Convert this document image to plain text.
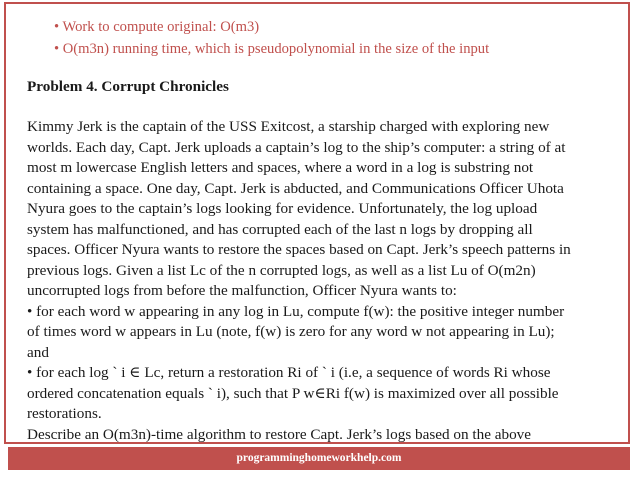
• Work to compute original: O(m3)
• O(m3n) running time, which is pseudopolynomial in the size of the input
Problem 4. Corrupt Chronicles
Kimmy Jerk is the captain of the USS Exitcost, a starship charged with exploring new
worlds. Each day, Capt. Jerk uploads a captain’s log to the ship’s computer: a string of at
most m lowercase English letters and spaces, where a word in a log is substring not
containing a space. One day, Capt. Jerk is abducted, and Communications Officer Uhota
Nyura goes to the captain’s logs looking for evidence. Unfortunately, the log upload
system has malfunctioned, and has corrupted each of the last n logs by dropping all
spaces. Officer Nyura wants to restore the spaces based on Capt. Jerk’s speech patterns in
previous logs. Given a list Lc of the n corrupted logs, as well as a list Lu of O(m2n)
uncorrupted logs from before the malfunction, Officer Nyura wants to:
• for each word w appearing in any log in Lu, compute f(w): the positive integer number
of times word w appears in Lu (note, f(w) is zero for any word w not appearing in Lu);
and
• for each log ` i ∈ Lc, return a restoration Ri of ` i (i.e, a sequence of words Ri whose
ordered concatenation equals ` i), such that P w∈Ri f(w) is maximized over all possible
restorations.
Describe an O(m3n)-time algorithm to restore Capt. Jerk’s logs based on the above
programminghomeworkhelp.com
